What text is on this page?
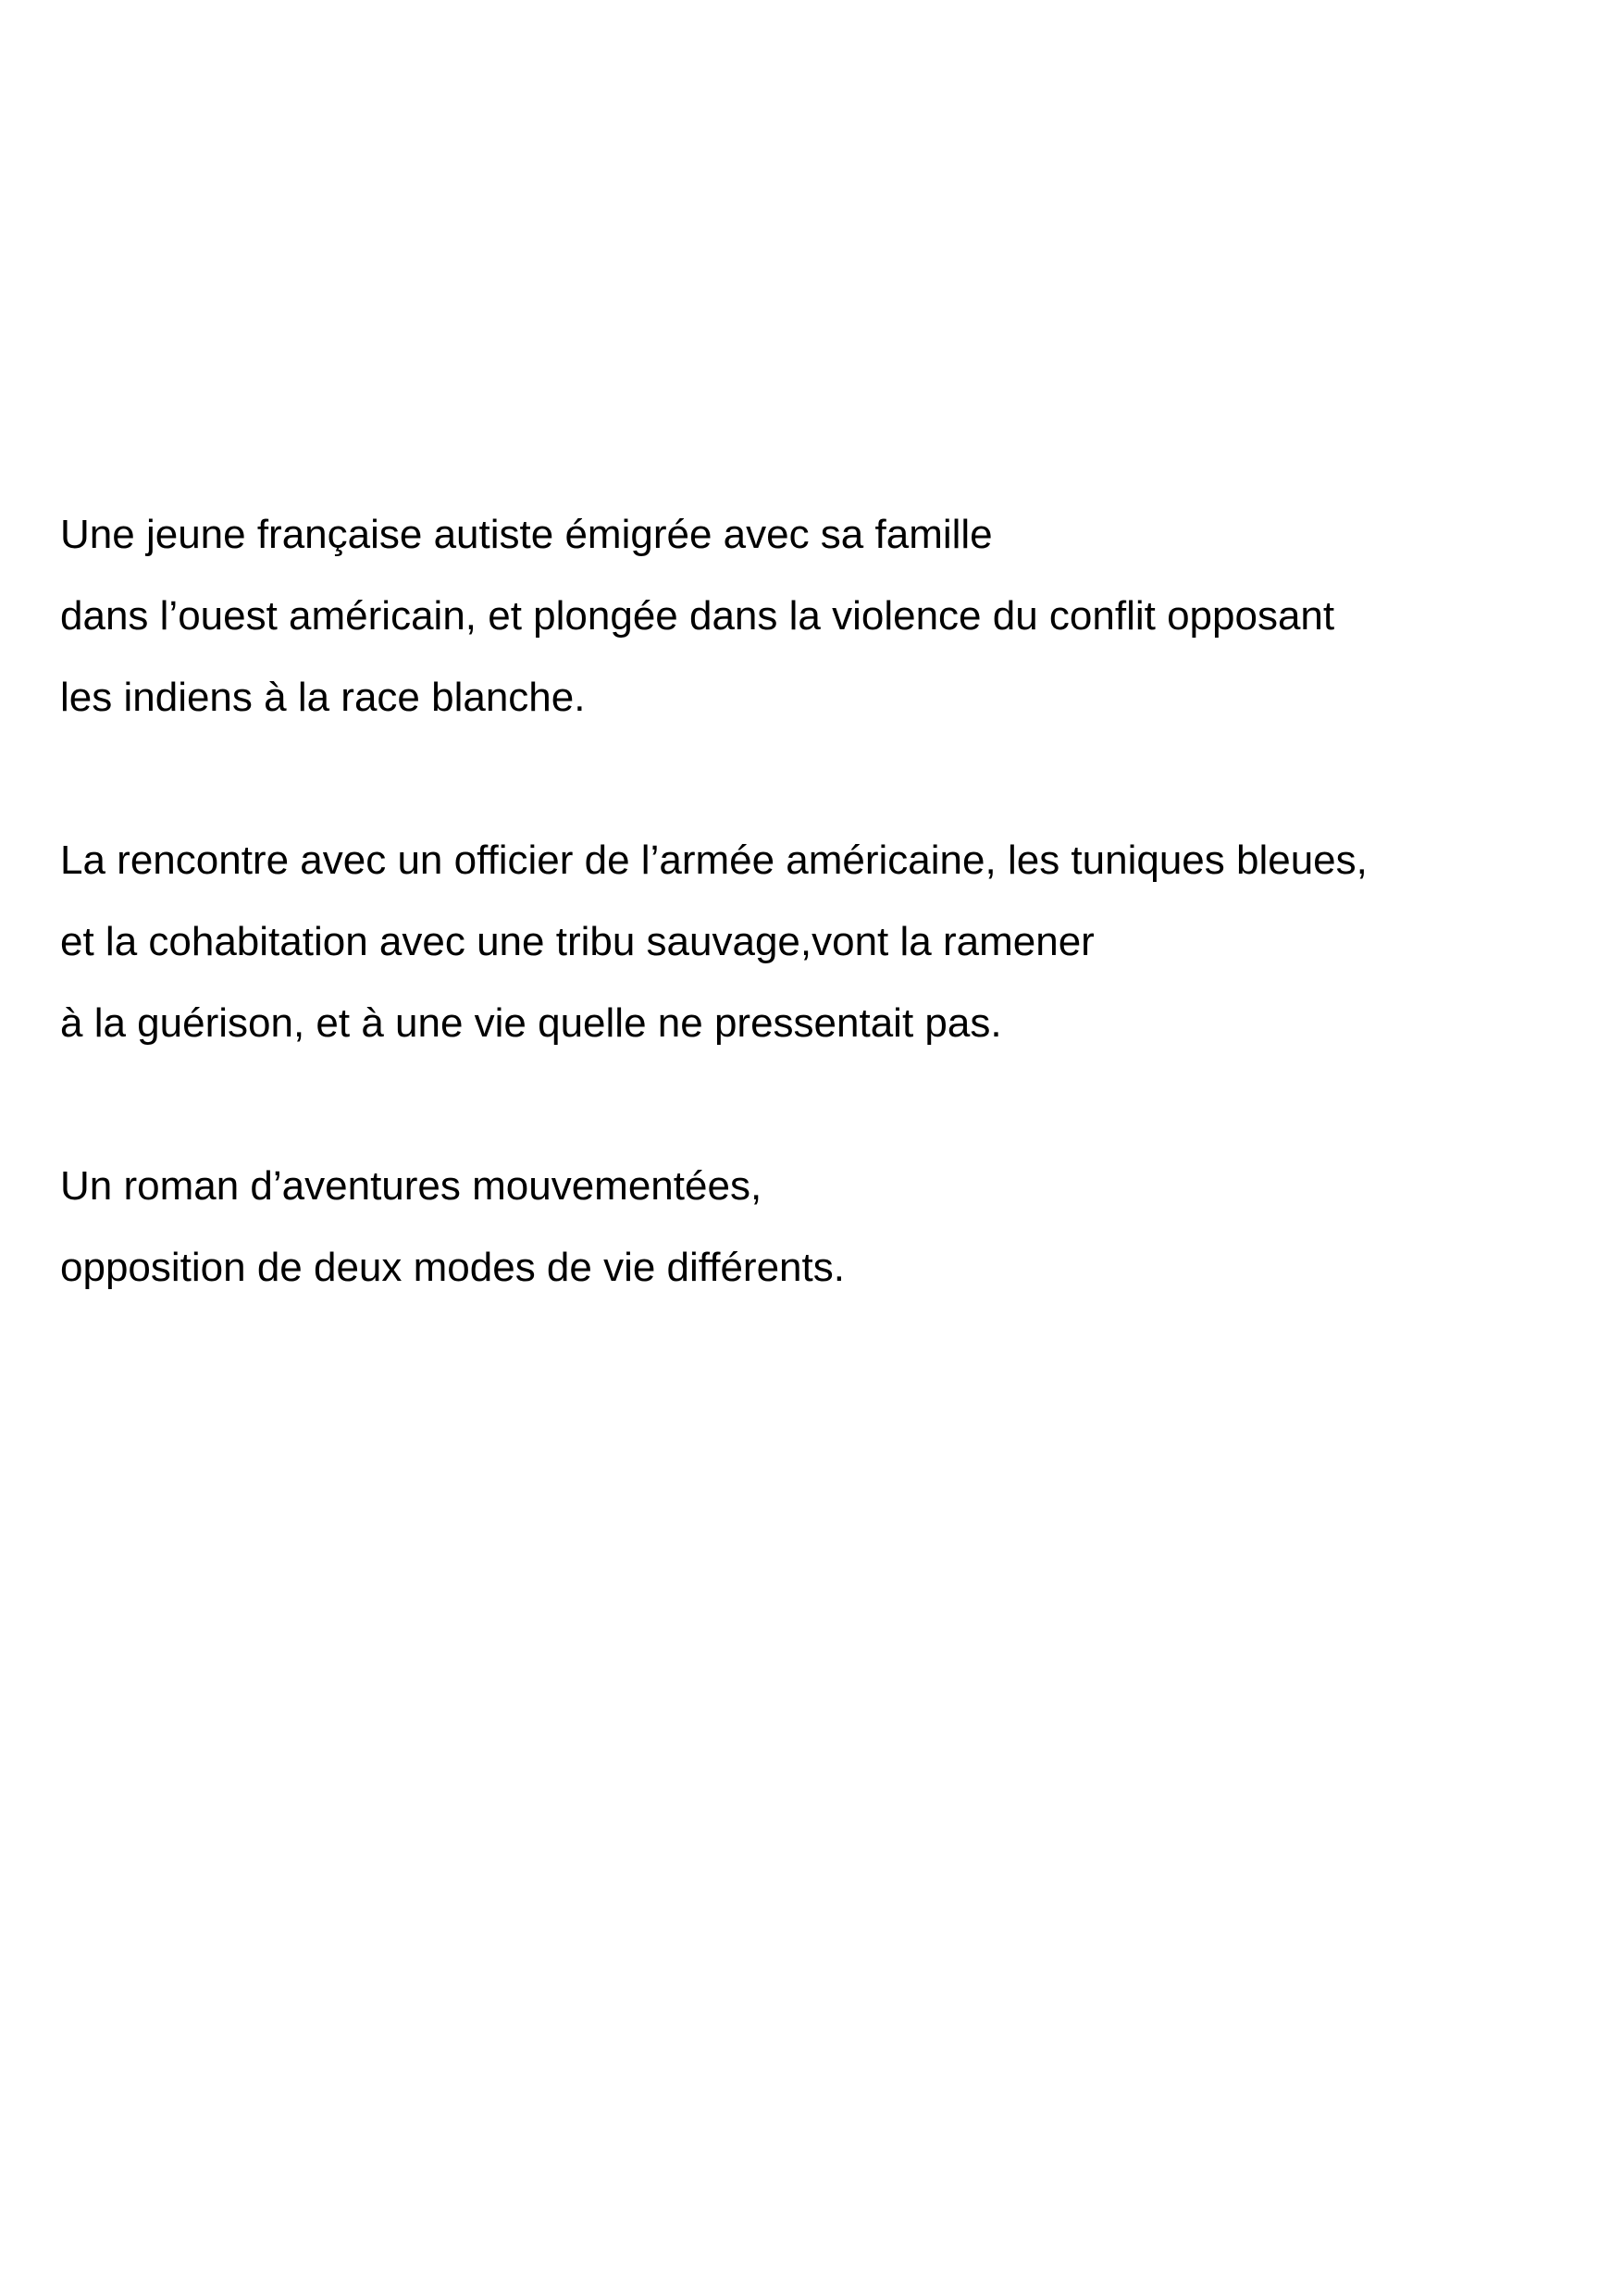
Une jeune française autiste émigrée avec sa famille
dans l’ouest américain, et plongée dans la violence du conflit opposant
les indiens à la race blanche.

La rencontre avec un officier de l’armée américaine, les tuniques bleues,
et la cohabitation avec une tribu sauvage,vont la ramener
à la guérison, et à une vie quelle ne pressentait pas.

Un roman d’aventures mouvementées,
opposition de deux modes de vie différents.
